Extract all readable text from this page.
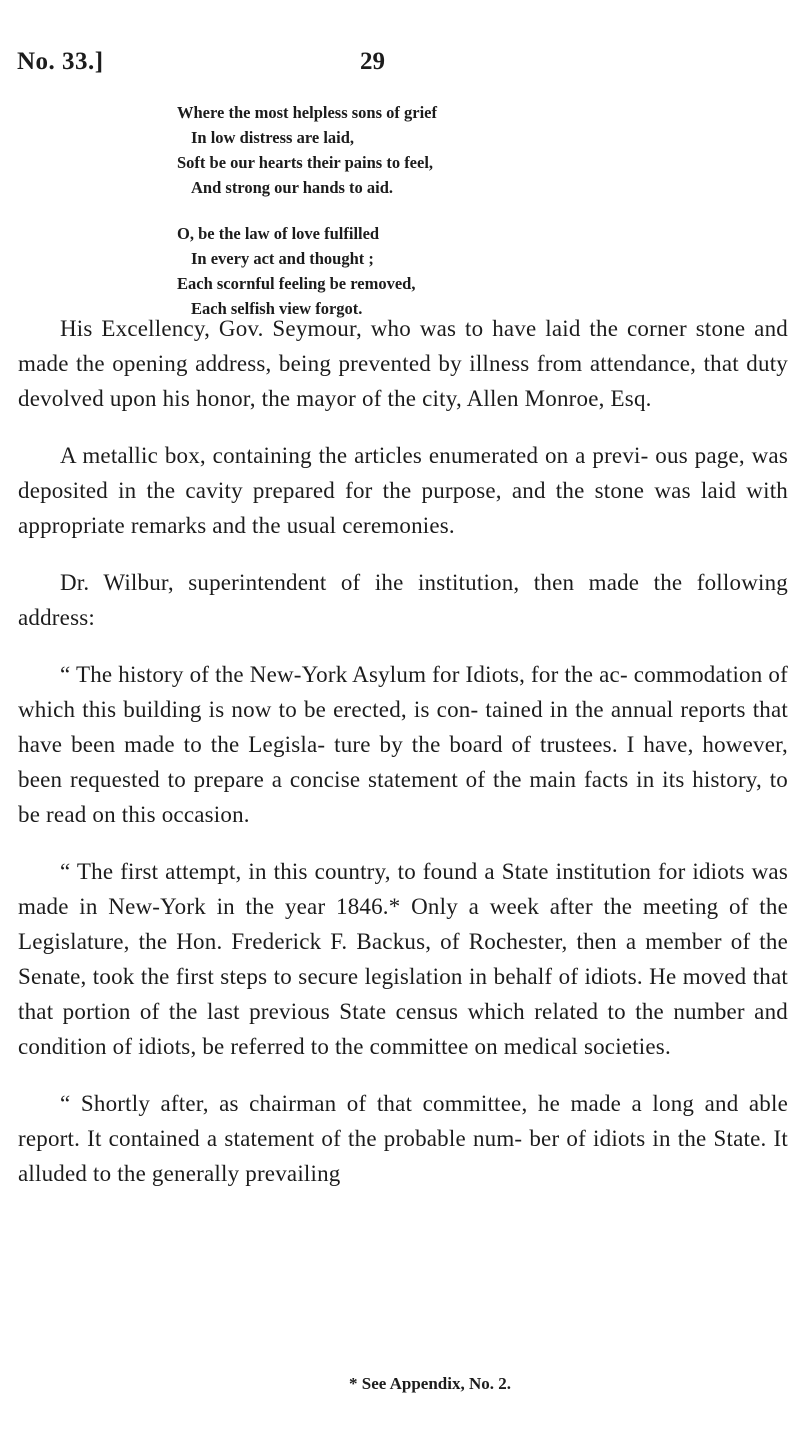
No. 33.]	29
Where the most helpless sons of grief
In low distress are laid,
Soft be our hearts their pains to feel,
And strong our hands to aid.
O, be the law of love fulfilled
In every act and thought ;
Each scornful feeling be removed,
Each selfish view forgot.

His Excellency, Gov. Seymour, who was to have laid the corner stone and made the opening address, being prevented by illness from attendance, that duty devolved upon his honor, the mayor of the city, Allen Monroe, Esq.

A metallic box, containing the articles enumerated on a previ- ous page, was deposited in the cavity prepared for the purpose, and the stone was laid with appropriate remarks and the usual ceremonies.

Dr. Wilbur, superintendent of ihe institution, then made the following address:

“ The history of the New-York Asylum for Idiots, for the ac- commodation of which this building is now to be erected, is con- tained in the annual reports that have been made to the Legisla- ture by the board of trustees. I have, however, been requested to prepare a concise statement of the main facts in its history, to be read on this occasion.

“ The first attempt, in this country, to found a State institution for idiots was made in New-York in the year 1846.* Only a week after the meeting of the Legislature, the Hon. Frederick F. Backus, of Rochester, then a member of the Senate, took the first steps to secure legislation in behalf of idiots. He moved that that portion of the last previous State census which related to the number and condition of idiots, be referred to the committee on medical societies.

“ Shortly after, as chairman of that committee, he made a long and able report. It contained a statement of the probable num- ber of idiots in the State. It alluded to the generally prevailing

* See Appendix, No. 2.
